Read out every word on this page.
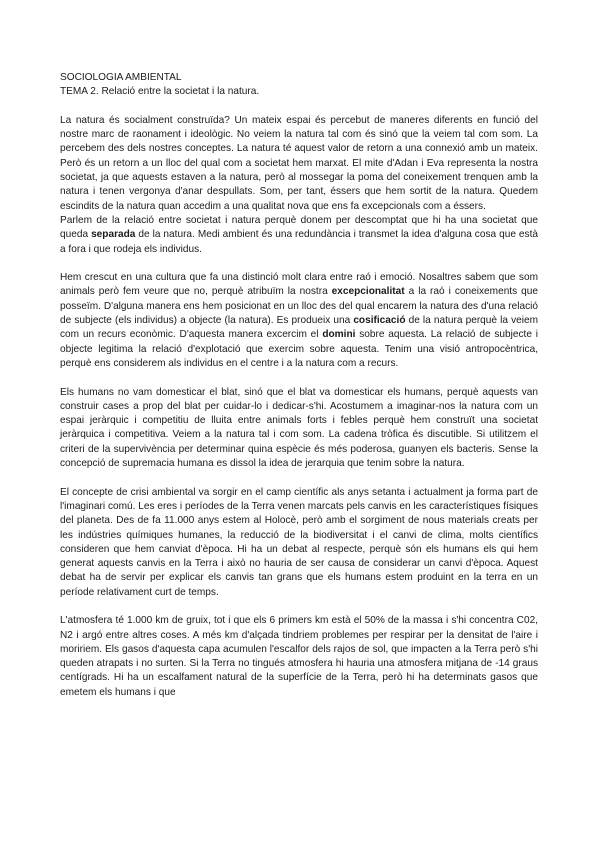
SOCIOLOGIA AMBIENTAL

TEMA 2. Relació entre la societat i la natura.

La natura és socialment construïda? Un mateix espai és percebut de maneres diferents en funció del nostre marc de raonament i ideològic. No veiem la natura tal com és sinó que la veiem tal com som. La percebem des dels nostres conceptes. La natura té aquest valor de retorn a una connexió amb un mateix. Però és un retorn a un lloc del qual com a societat hem marxat. El mite d'Adan i Eva representa la nostra societat, ja que aquests estaven a la natura, però al mossegar la poma del coneixement trenquen amb la natura i tenen vergonya d'anar despullats. Som, per tant, éssers que hem sortit de la natura. Quedem escindits de la natura quan accedim a una qualitat nova que ens fa excepcionals com a éssers.

Parlem de la relació entre societat i natura perquè donem per descomptat que hi ha una societat que queda separada de la natura. Medi ambient és una redundància i transmet la idea d'alguna cosa que està a fora i que rodeja els individus.

Hem crescut en una cultura que fa una distinció molt clara entre raó i emoció. Nosaltres sabem que som animals però fem veure que no, perquè atribuïm la nostra excepcionalitat a la raó i coneixements que posseïm. D'alguna manera ens hem posicionat en un lloc des del qual encarem la natura des d'una relació de subjecte (els individus) a objecte (la natura). Es produeix una cosificació de la natura perquè la veiem com un recurs econòmic. D'aquesta manera excercim el domini sobre aquesta. La relació de subjecte i objecte legitima la relació d'explotació que exercim sobre aquesta. Tenim una visió antropocèntrica, perquè ens considerem als individus en el centre i a la natura com a recurs.

Els humans no vam domesticar el blat, sinó que el blat va domesticar els humans, perquè aquests van construir cases a prop del blat per cuidar-lo i dedicar-s'hi. Acostumem a imaginar-nos la natura com un espai jeràrquic i competitiu de lluita entre animals forts i febles perquè hem construït una societat jeràrquica i competitiva. Veiem a la natura tal i com som. La cadena tròfica és discutible. Si utilitzem el criteri de la supervivència per determinar quina espècie és més poderosa, guanyen els bacteris. Sense la concepció de supremacia humana es dissol la idea de jerarquia que tenim sobre la natura.

El concepte de crisi ambiental va sorgir en el camp científic als anys setanta i actualment ja forma part de l'imaginari comú. Les eres i períodes de la Terra venen marcats pels canvis en les característiques físiques del planeta. Des de fa 11.000 anys estem al Holocè, però amb el sorgiment de nous materials creats per les indústries químiques humanes, la reducció de la biodiversitat i el canvi de clima, molts científics consideren que hem canviat d'època. Hi ha un debat al respecte, perquè són els humans els qui hem generat aquests canvis en la Terra i això no hauria de ser causa de considerar un canvi d'època. Aquest debat ha de servir per explicar els canvis tan grans que els humans estem produint en la terra en un període relativament curt de temps.

L'atmosfera té 1.000 km de gruix, tot i que els 6 primers km està el 50% de la massa i s'hi concentra C02, N2 i argó entre altres coses. A més km d'alçada tindriem problemes per respirar per la densitat de l'aire i moririem. Els gasos d'aquesta capa acumulen l'escalfor dels rajos de sol, que impacten a la Terra però s'hi queden atrapats i no surten. Si la Terra no tingués atmosfera hi hauria una atmosfera mitjana de -14 graus centígrads. Hi ha un escalfament natural de la superfície de la Terra, però hi ha determinats gasos que emetem els humans i que
